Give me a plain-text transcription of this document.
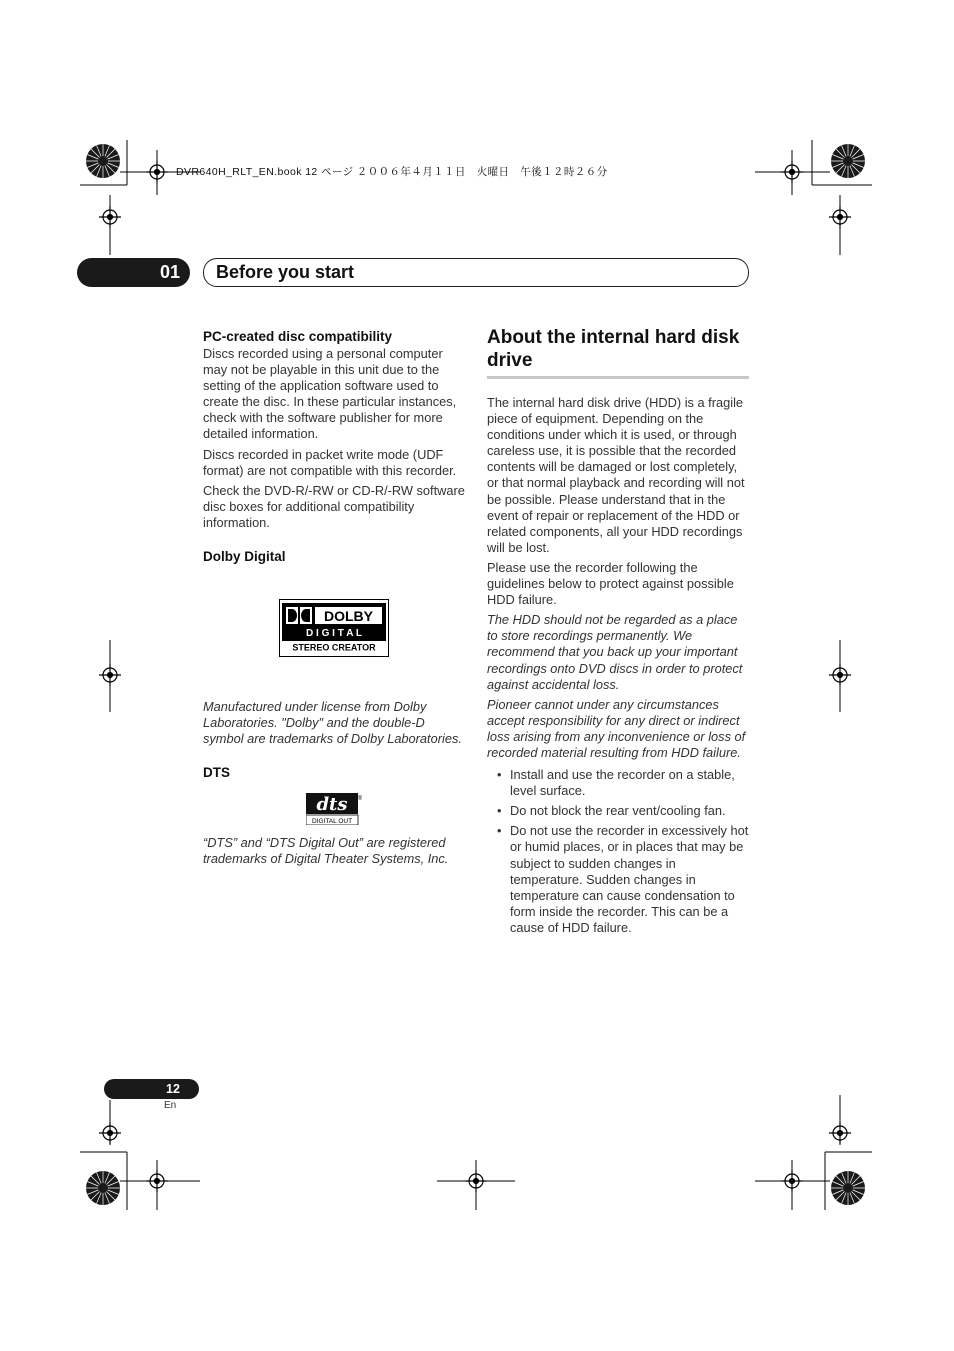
DVR640H_RLT_EN.book 12 ページ ２００６年４月１１日　火曜日　午後１２時２６分
01	Before you start
PC-created disc compatibility

Discs recorded using a personal computer may not be playable in this unit due to the setting of the application software used to create the disc. In these particular instances, check with the software publisher for more detailed information.

Discs recorded in packet write mode (UDF format) are not compatible with this recorder.

Check the DVD-R/-RW or CD-R/-RW software disc boxes for additional compatibility information.

Dolby Digital
DOLBY
D I G I T A L
STEREO CREATOR

Manufactured under license from Dolby Laboratories. "Dolby" and the double-D symbol are trademarks of Dolby Laboratories.

DTS
dts
DIGITAL OUT
®

“DTS” and “DTS Digital Out” are registered trademarks of Digital Theater Systems, Inc.

About the internal hard disk drive

The internal hard disk drive (HDD) is a fragile piece of equipment. Depending on the conditions under which it is used, or through careless use, it is possible that the recorded contents will be damaged or lost completely, or that normal playback and recording will not be possible. Please understand that in the event of repair or replacement of the HDD or related components, all your HDD recordings will be lost.

Please use the recorder following the guidelines below to protect against possible HDD failure.

The HDD should not be regarded as a place to store recordings permanently. We recommend that you back up your important recordings onto DVD discs in order to protect against accidental loss.

Pioneer cannot under any circumstances accept responsibility for any direct or indirect loss arising from any inconvenience or loss of recorded material resulting from HDD failure.

• Install and use the recorder on a stable, level surface.
• Do not block the rear vent/cooling fan.
• Do not use the recorder in excessively hot or humid places, or in places that may be subject to sudden changes in temperature. Sudden changes in temperature can cause condensation to form inside the recorder. This can be a cause of HDD failure.
12
En
